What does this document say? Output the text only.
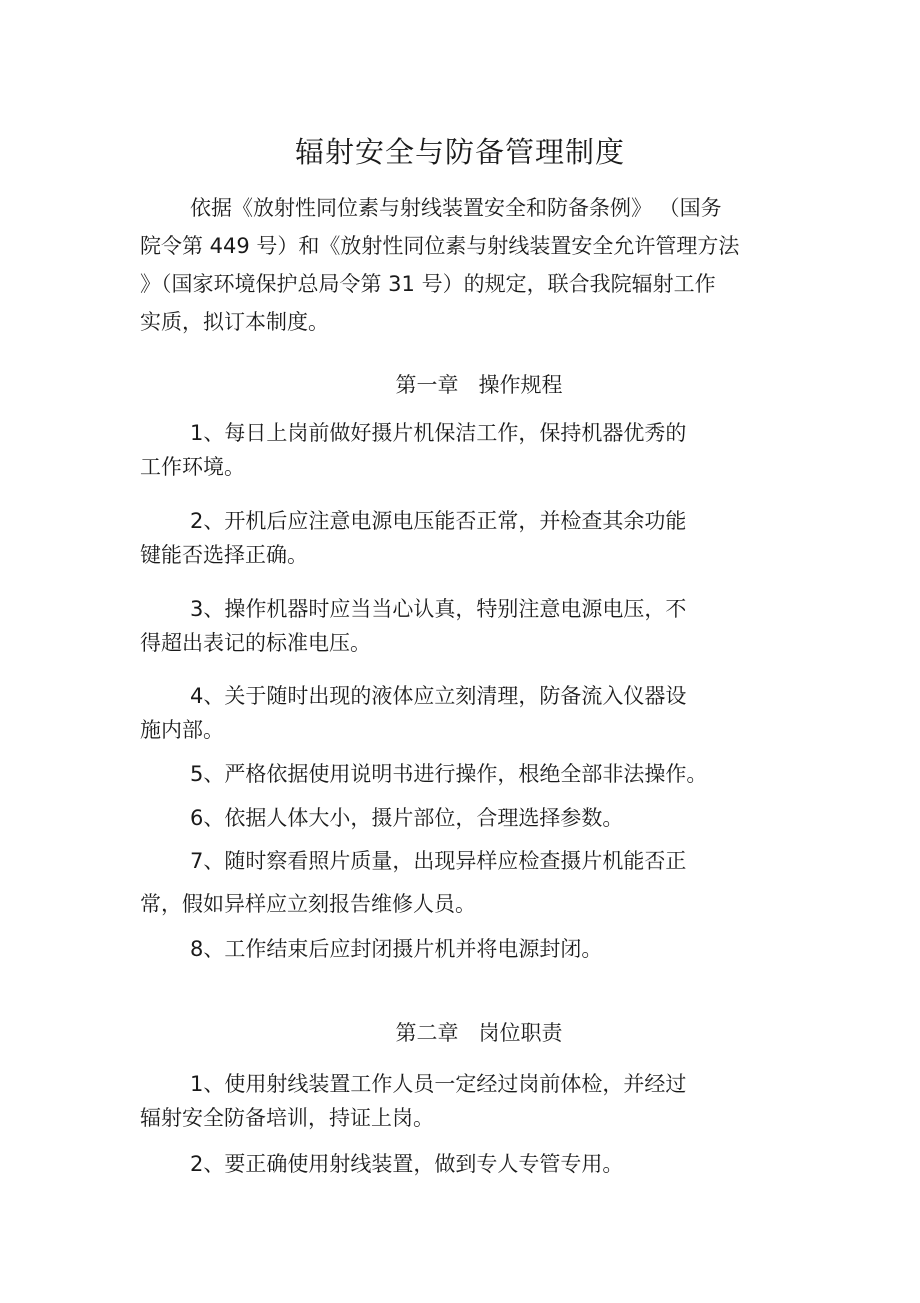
辐射安全与防备管理制度
依据《放射性同位素与射线装置安全和防备条例》 （国务
院令第 449 号）和《放射性同位素与射线装置安全允许管理方法
》（国家环境保护总局令第 31 号）的规定，联合我院辐射工作
实质，拟订本制度。
第一章 操作规程
1、每日上岗前做好摄片机保洁工作，保持机器优秀的
工作环境。
2、开机后应注意电源电压能否正常，并检查其余功能
键能否选择正确。
3、操作机器时应当当心认真，特别注意电源电压，不
得超出表记的标准电压。
4、关于随时出现的液体应立刻清理，防备流入仪器设
施内部。
5、严格依据使用说明书进行操作，根绝全部非法操作。
6、依据人体大小，摄片部位，合理选择参数。
7、随时察看照片质量，出现异样应检查摄片机能否正
常，假如异样应立刻报告维修人员。
8、工作结束后应封闭摄片机并将电源封闭。
第二章 岗位职责
1、使用射线装置工作人员一定经过岗前体检，并经过
辐射安全防备培训，持证上岗。
2、要正确使用射线装置，做到专人专管专用。
